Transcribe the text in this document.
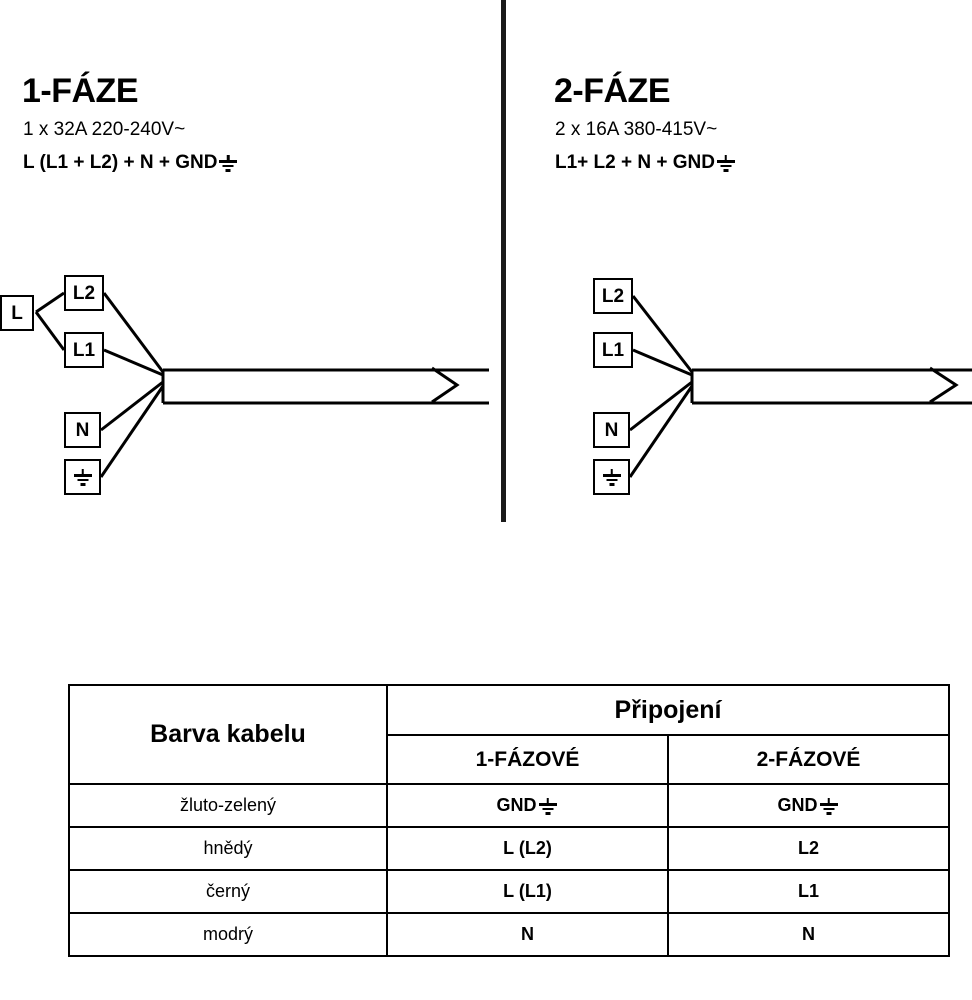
1-FÁZE
1 x 32A 220-240V~
L (L1 + L2) + N + GND
L
L2
L1
N
2-FÁZE
2 x 16A 380-415V~
L1+ L2 + N + GND
L2
L1
N
Barva kabelu	Připojení	
	1-FÁZOVÉ	2-FÁZOVÉ
žluto-zelený	GND	GND

hnědý	L (L2)	L2
černý	L (L1)	L1
modrý	N	N
